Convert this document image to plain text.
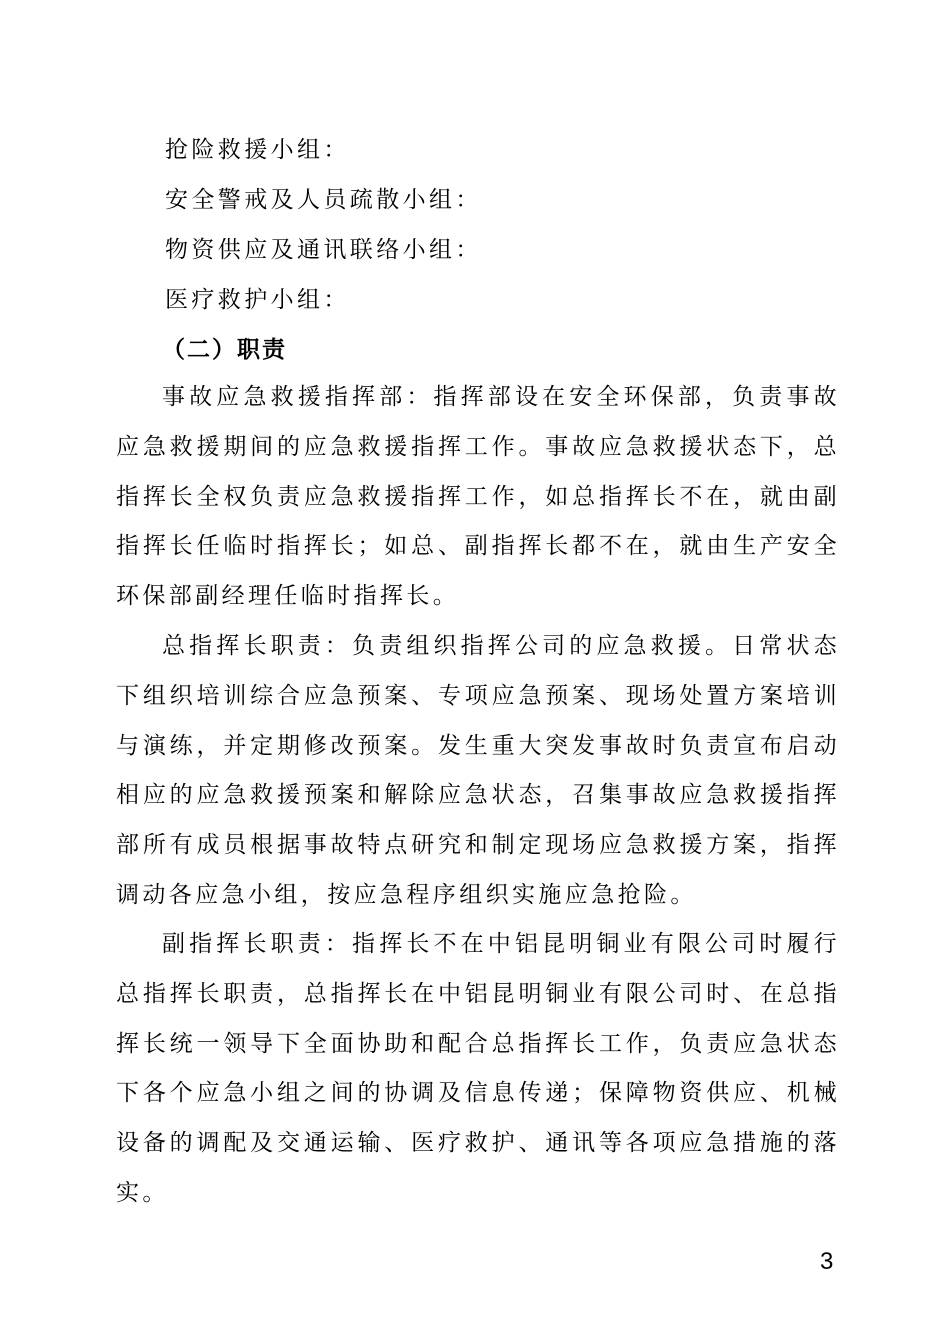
抢险救援小组：
安全警戒及人员疏散小组：
物资供应及通讯联络小组：
医疗救护小组：
（二）职责
事故应急救援指挥部：指挥部设在安全环保部，负责事故应急救援期间的应急救援指挥工作。事故应急救援状态下，总指挥长全权负责应急救援指挥工作，如总指挥长不在，就由副指挥长任临时指挥长；如总、副指挥长都不在，就由生产安全环保部副经理任临时指挥长。
总指挥长职责：负责组织指挥公司的应急救援。日常状态下组织培训综合应急预案、专项应急预案、现场处置方案培训与演练，并定期修改预案。发生重大突发事故时负责宣布启动相应的应急救援预案和解除应急状态，召集事故应急救援指挥部所有成员根据事故特点研究和制定现场应急救援方案，指挥调动各应急小组，按应急程序组织实施应急抢险。
副指挥长职责：指挥长不在中铝昆明铜业有限公司时履行总指挥长职责，总指挥长在中铝昆明铜业有限公司时、在总指挥长统一领导下全面协助和配合总指挥长工作，负责应急状态下各个应急小组之间的协调及信息传递；保障物资供应、机械设备的调配及交通运输、医疗救护、通讯等各项应急措施的落实。
3
